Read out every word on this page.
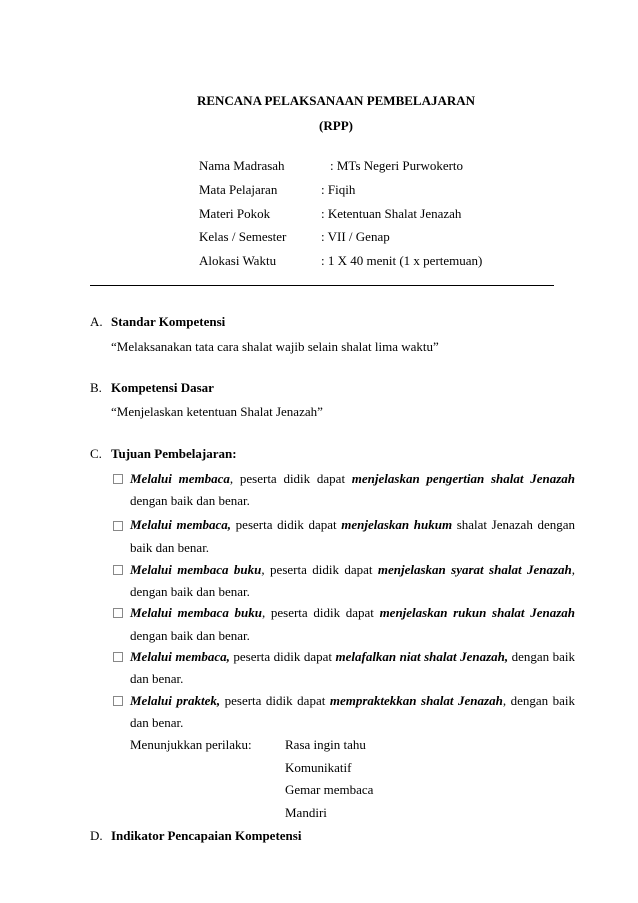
RENCANA PELAKSANAAN PEMBELAJARAN
(RPP)
Nama Madrasah	: MTs Negeri Purwokerto
Mata Pelajaran	: Fiqih
Materi Pokok	: Ketentuan Shalat Jenazah
Kelas / Semester	: VII / Genap
Alokasi Waktu	: 1 X 40 menit (1 x pertemuan)
A. Standar Kompetensi
“Melaksanakan tata cara shalat wajib selain shalat lima waktu”
B. Kompetensi Dasar
“Menjelaskan ketentuan Shalat Jenazah”
C. Tujuan Pembelajaran:
Melalui membaca, peserta didik dapat menjelaskan pengertian shalat Jenazah
dengan baik dan benar.
Melalui membaca, peserta didik dapat menjelaskan hukum shalat Jenazah dengan
baik dan benar.
Melalui membaca buku, peserta didik dapat menjelaskan syarat shalat Jenazah,
dengan baik dan benar.
Melalui membaca buku, peserta didik dapat menjelaskan rukun shalat Jenazah
dengan baik dan benar.
Melalui membaca, peserta didik dapat melafalkan niat shalat Jenazah, dengan baik
dan benar.
Melalui praktek, peserta didik dapat mempraktekkan shalat Jenazah, dengan baik
dan benar.
Menunjukkan perilaku:	Rasa ingin tahu
Komunikatif
Gemar membaca
Mandiri
D. Indikator Pencapaian Kompetensi
